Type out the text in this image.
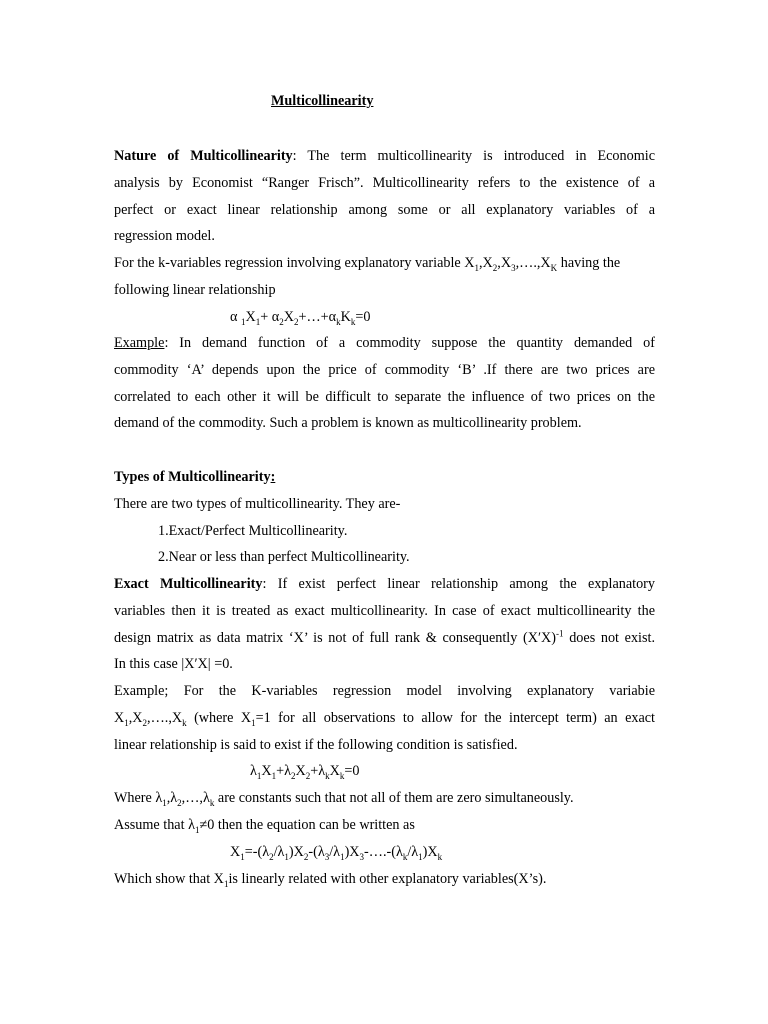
Multicollinearity
Nature of Multicollinearity: The term multicollinearity is introduced in Economic
analysis by Economist “Ranger Frisch”. Multicollinearity refers to the existence of a
perfect or exact linear relationship among some or all explanatory variables of a
regression model.
For the k-variables regression involving explanatory variable $X_1,X_2,X_3,\dots.,X_K$ having the
following linear relationship
α $_1X_1+$ $\alpha_2X_2+\dots+\alpha_kK_k=0$
Example: In demand function of a commodity suppose the quantity demanded of
commodity ‘A’ depends upon the price of commodity ‘B’ .If there are two prices are
correlated to each other it will be difficult to separate the influence of two prices on the
demand of the commodity. Such a problem is known as multicollinearity problem.
Types of Multicollinearity:
There are two types of multicollinearity. They are-
1.Exact/Perfect Multicollinearity.
2.Near or less than perfect Multicollinearity.
Exact Multicollinearity: If exist perfect linear relationship among the explanatory
variables then it is treated as exact multicollinearity. In case of exact multicollinearity the
design matrix as data matrix ‘X’ is not of full rank & consequently $(X'X)^{-1}$ does not exist.
In this case |X′X| =0.
Example; For the K-variables regression model involving explanatory variabie
$X_1,X_2,\dots.,X_k$ (where $X_1=1$ for all observations to allow for the intercept term) an exact
linear relationship is said to exist if the following condition is satisfied.
$\lambda_1X_1+\lambda_2X_2+\lambda_kX_k=0$
Where $\lambda_1,\lambda_2,\dots,\lambda_k$ are constants such that not all of them are zero simultaneously.
Assume that $\lambda_1\ne 0$ then the equation can be written as
$X_1=-(\lambda_2/\lambda_1)X_2-(\lambda_3/\lambda_1)X_3-\dots.-(\lambda_k/\lambda_1)X_k$
Which show that $X_1is$ linearly related with other explanatory variables(X’s).
